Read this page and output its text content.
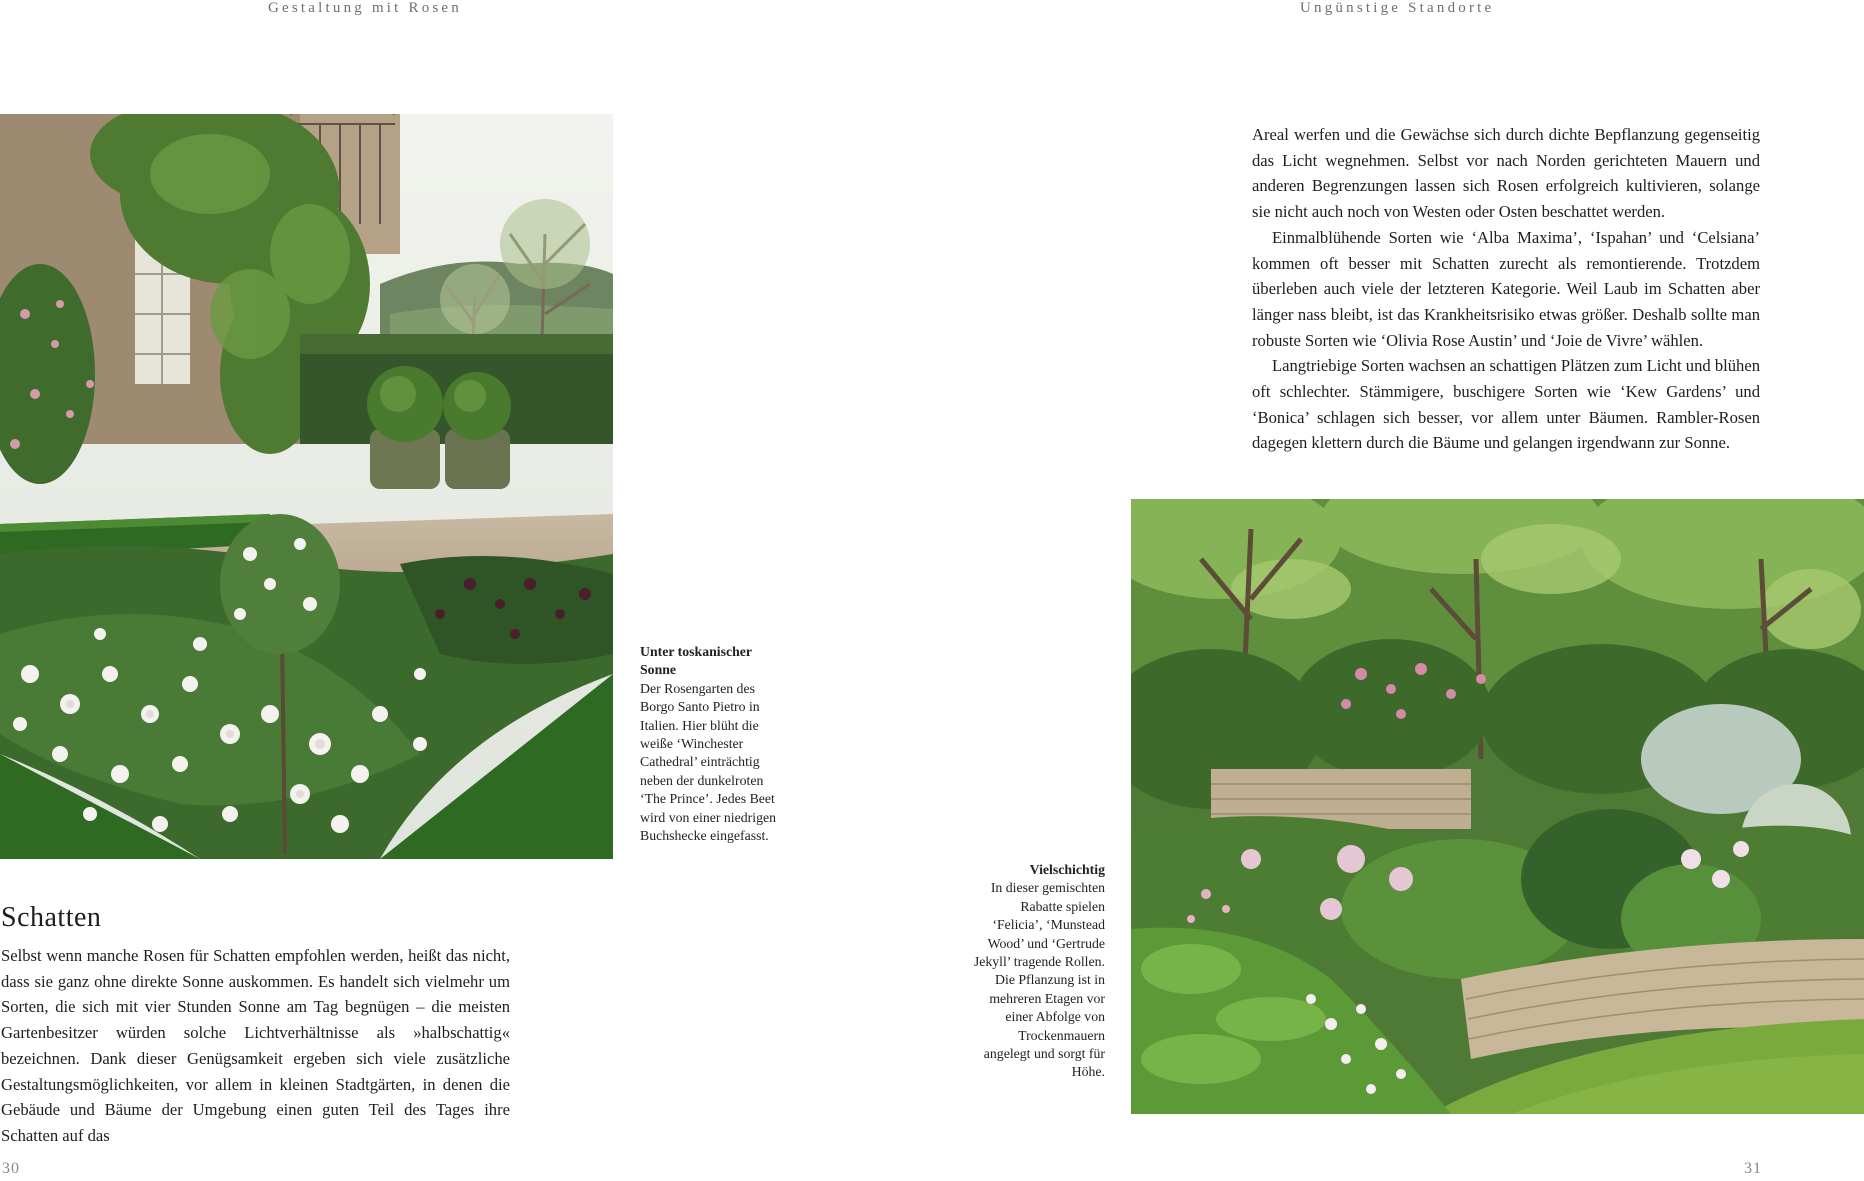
Gestaltung mit Rosen	Ungünstige Standorte
Unter toskanischer Sonne
Der Rosengarten des Borgo Santo Pietro in Italien. Hier blüht die weiße ‘Winchester Cathedral’ einträchtig neben der dunkelroten ‘The Prince’. Jedes Beet wird von einer niedrigen Buchshecke eingefasst.
Schatten

Selbst wenn manche Rosen für Schatten empfohlen werden, heißt das nicht, dass sie ganz ohne direkte Sonne auskommen. Es handelt sich vielmehr um Sorten, die sich mit vier Stunden Sonne am Tag begnügen – die meisten Gartenbesitzer würden solche Lichtverhältnisse als »halbschattig« bezeichnen. Dank dieser Genügsamkeit ergeben sich viele zusätzliche Gestaltungsmöglichkeiten, vor allem in kleinen Stadtgärten, in denen die Gebäude und Bäume der Umgebung einen guten Teil des Tages ihre Schatten auf das

Areal werfen und die Gewächse sich durch dichte Bepflanzung gegenseitig das Licht wegnehmen. Selbst vor nach Norden gerichteten Mauern und anderen Begrenzungen lassen sich Rosen erfolgreich kultivieren, solange sie nicht auch noch von Westen oder Osten beschattet werden.

Einmalblühende Sorten wie ‘Alba Maxima’, ‘Ispahan’ und ‘Celsiana’ kommen oft besser mit Schatten zurecht als remontierende. Trotzdem überleben auch viele der letzteren Kategorie. Weil Laub im Schatten aber länger nass bleibt, ist das Krankheitsrisiko etwas größer. Deshalb sollte man robuste Sorten wie ‘Olivia Rose Austin’ und ‘Joie de Vivre’ wählen.

Langtriebige Sorten wachsen an schattigen Plätzen zum Licht und blühen oft schlechter. Stämmigere, buschigere Sorten wie ‘Kew Gardens’ und ‘Bonica’ schlagen sich besser, vor allem unter Bäumen. Rambler-Rosen dagegen klettern durch die Bäume und gelangen irgendwann zur Sonne.

Vielschichtig
In dieser gemischten Rabatte spielen ‘Felicia’, ‘Munstead Wood’ und ‘Gertrude Jekyll’ tragende Rollen. Die Pflanzung ist in mehreren Etagen vor einer Abfolge von Trockenmauern angelegt und sorgt für Höhe.
30	31
